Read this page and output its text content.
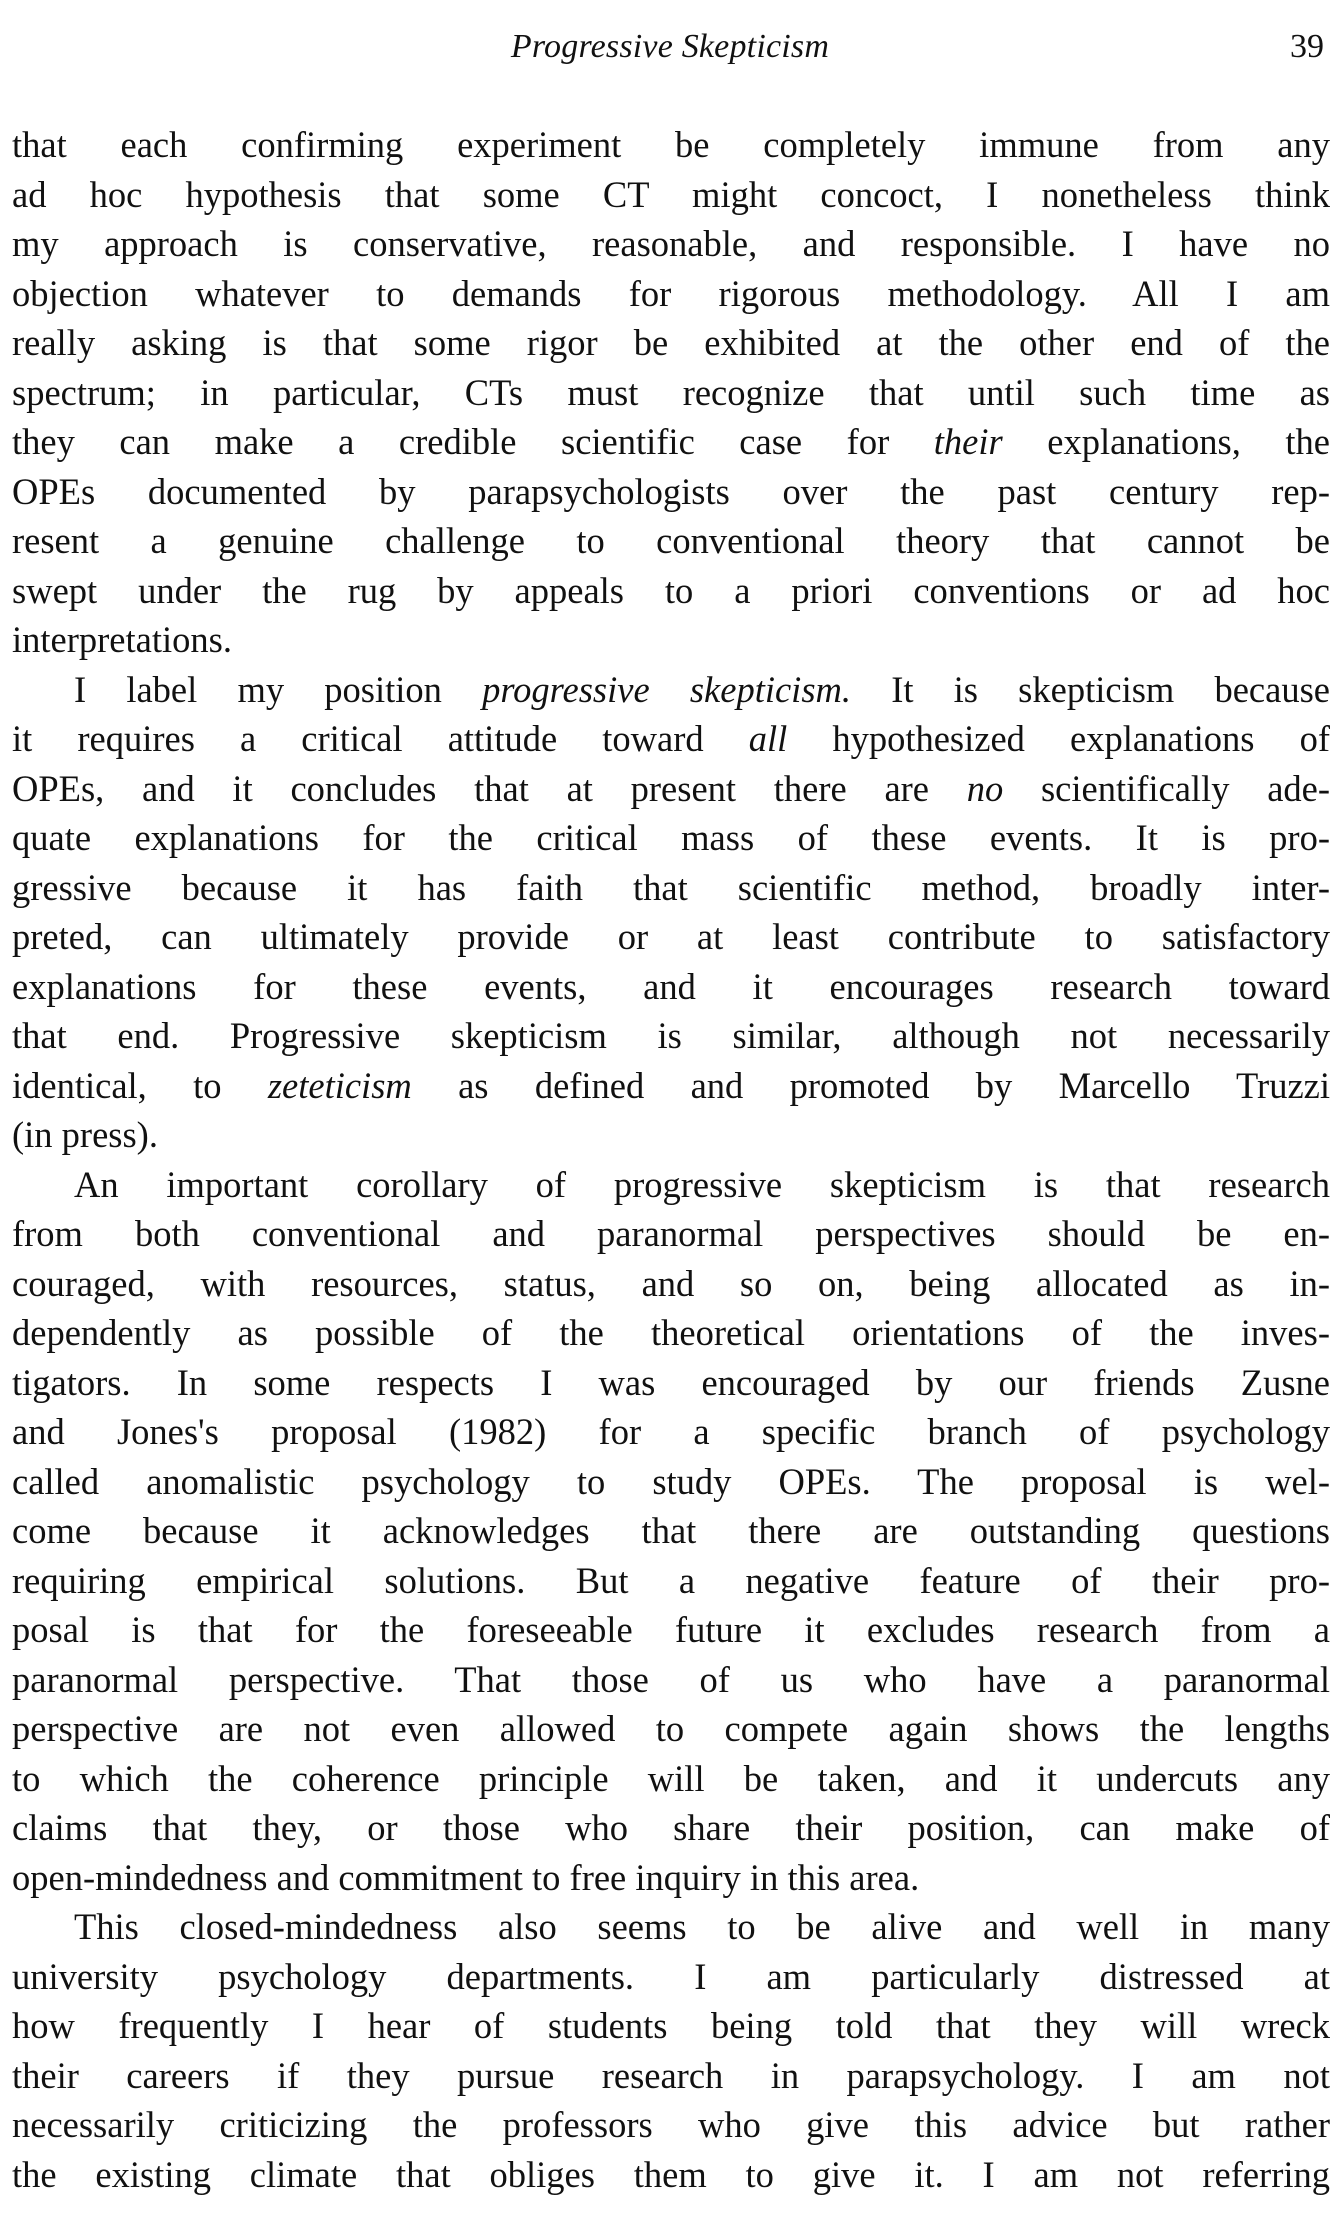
Progressive Skepticism	39
that each confirming experiment be completely immune from any
ad hoc hypothesis that some CT might concoct, I nonetheless think
my approach is conservative, reasonable, and responsible. I have no
objection whatever to demands for rigorous methodology. All I am
really asking is that some rigor be exhibited at the other end of the
spectrum; in particular, CTs must recognize that until such time as
they can make a credible scientific case for their explanations, the
OPEs documented by parapsychologists over the past century rep-
resent a genuine challenge to conventional theory that cannot be
swept under the rug by appeals to a priori conventions or ad hoc
interpretations.
I label my position progressive skepticism. It is skepticism because
it requires a critical attitude toward all hypothesized explanations of
OPEs, and it concludes that at present there are no scientifically ade-
quate explanations for the critical mass of these events. It is pro-
gressive because it has faith that scientific method, broadly inter-
preted, can ultimately provide or at least contribute to satisfactory
explanations for these events, and it encourages research toward
that end. Progressive skepticism is similar, although not necessarily
identical, to zeteticism as defined and promoted by Marcello Truzzi
(in press).
An important corollary of progressive skepticism is that research
from both conventional and paranormal perspectives should be en-
couraged, with resources, status, and so on, being allocated as in-
dependently as possible of the theoretical orientations of the inves-
tigators. In some respects I was encouraged by our friends Zusne
and Jones's proposal (1982) for a specific branch of psychology
called anomalistic psychology to study OPEs. The proposal is wel-
come because it acknowledges that there are outstanding questions
requiring empirical solutions. But a negative feature of their pro-
posal is that for the foreseeable future it excludes research from a
paranormal perspective. That those of us who have a paranormal
perspective are not even allowed to compete again shows the lengths
to which the coherence principle will be taken, and it undercuts any
claims that they, or those who share their position, can make of
open-mindedness and commitment to free inquiry in this area.
This closed-mindedness also seems to be alive and well in many
university psychology departments. I am particularly distressed at
how frequently I hear of students being told that they will wreck
their careers if they pursue research in parapsychology. I am not
necessarily criticizing the professors who give this advice but rather
the existing climate that obliges them to give it. I am not referring
